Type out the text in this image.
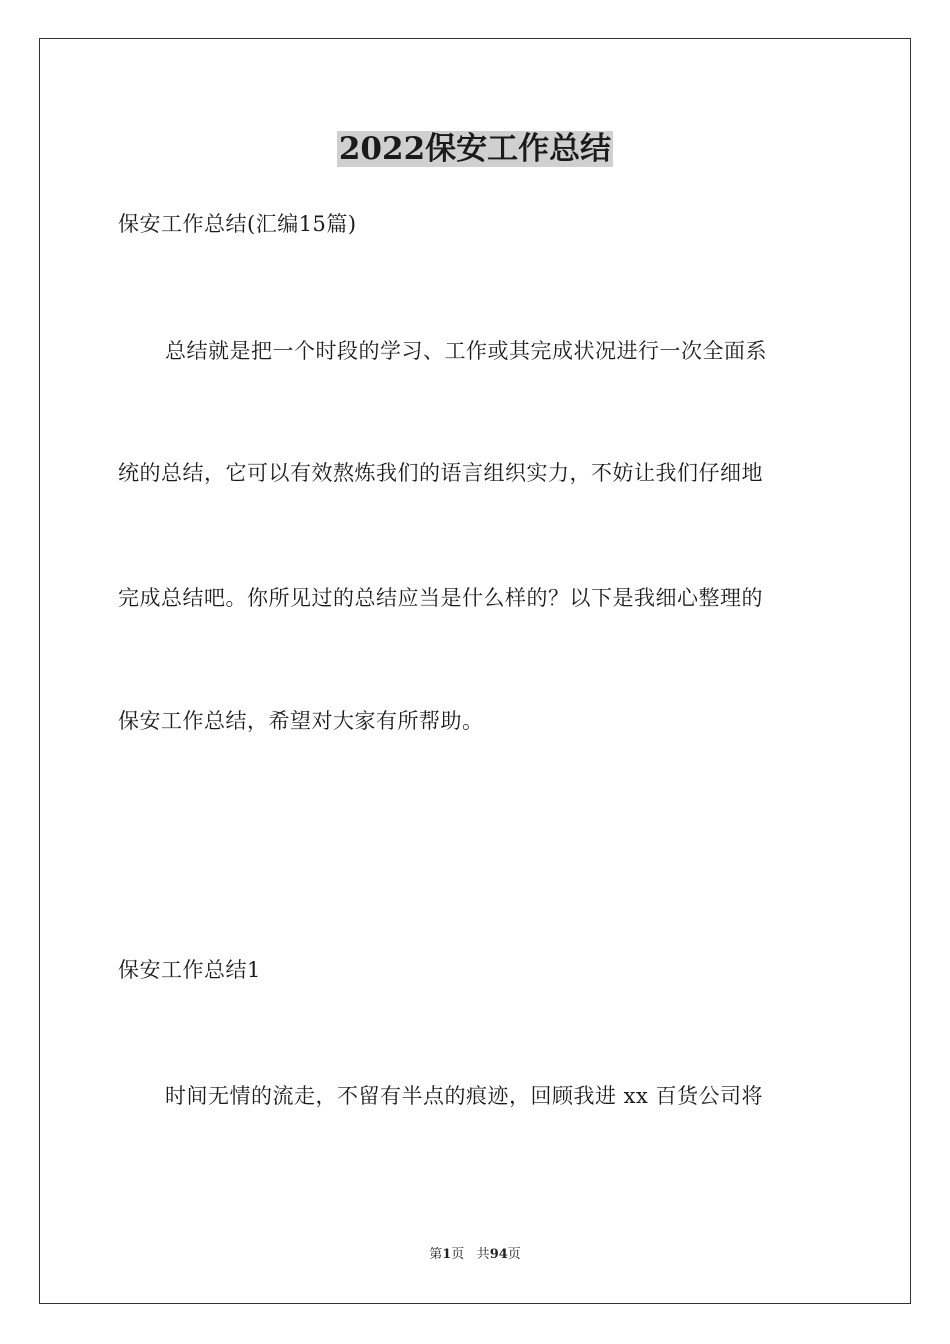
2022保安工作总结

保安工作总结(汇编15篇)

总结就是把一个时段的学习、工作或其完成状况进行一次全面系

统的总结，它可以有效熬炼我们的语言组织实力，不妨让我们仔细地

完成总结吧。你所见过的总结应当是什么样的？以下是我细心整理的

保安工作总结，希望对大家有所帮助。

保安工作总结1

时间无情的流走，不留有半点的痕迹，回顾我进 xx 百货公司将

第1页 共94页
